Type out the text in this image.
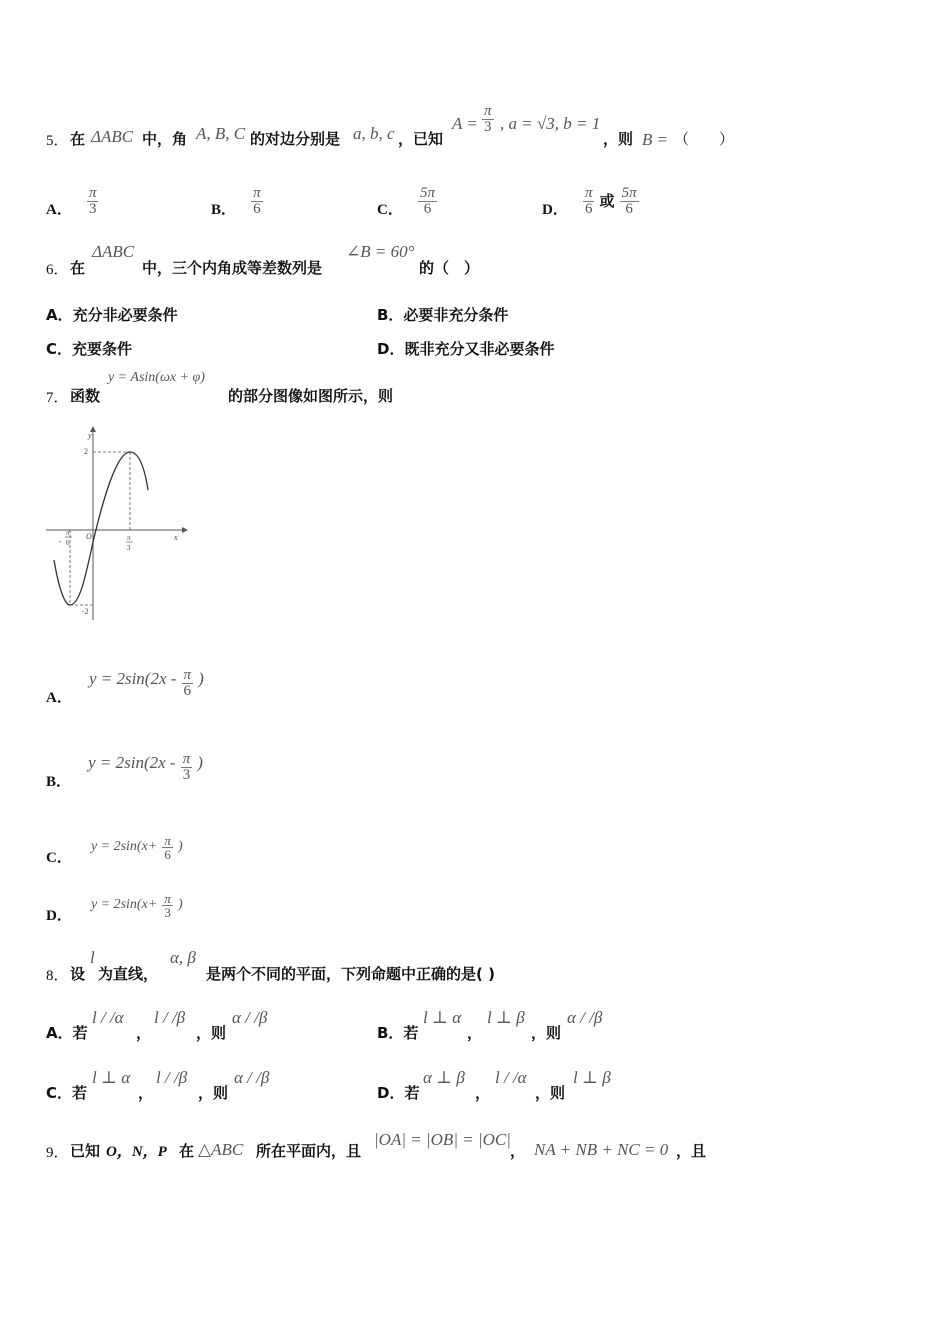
5． 在 ΔABC 中，角 A, B, C 的对边分别是 a, b, c ，已知
$A = \frac{\pi}{3}$ , a = √3, b = 1
，则 B = （　　）
A． $\frac{\pi}{3}$	B． $\frac{\pi}{6}$	C． $\frac{5\pi}{6}$	D． $\frac{\pi}{6}$ 或 $\frac{5\pi}{6}$
6． 在
ΔABC
中，三个内角成等差数列是
∠B = 60°
的（　）
A．充分非必要条件	B．必要非充分条件
C．充要条件	D．既非充分又非必要条件
7． 函数
y = Asin(ωx + φ)
的部分图像如图所示，则
y
x
O
2
-2
-
π
6
π
3
A． $y = 2\sin(2x - \frac{\pi}{6}$ )
B． $y = 2\sin(2x - \frac{\pi}{3}$ )
C． $y = 2\sin(x+ \frac{\pi}{6}$ )
D． $y = 2\sin(x+ \frac{\pi}{3}$ )
8． 设
l
为直线，
α, β
是两个不同的平面，下列命题中正确的是( )
A．若
l / /α
，
l / /β
，则
α / /β
B．若
l ⊥ α
，
l ⊥ β
，则
α / /β
C．若
l ⊥ α
，
l / /β
，则
α / /β
D．若
α ⊥ β
，
l / /α
，则
l ⊥ β
9． 已知 O，N，P 在 △ABC 所在平面内，且
|OA| = |OB| = |OC|
， NA + NB + NC = 0 ，且
